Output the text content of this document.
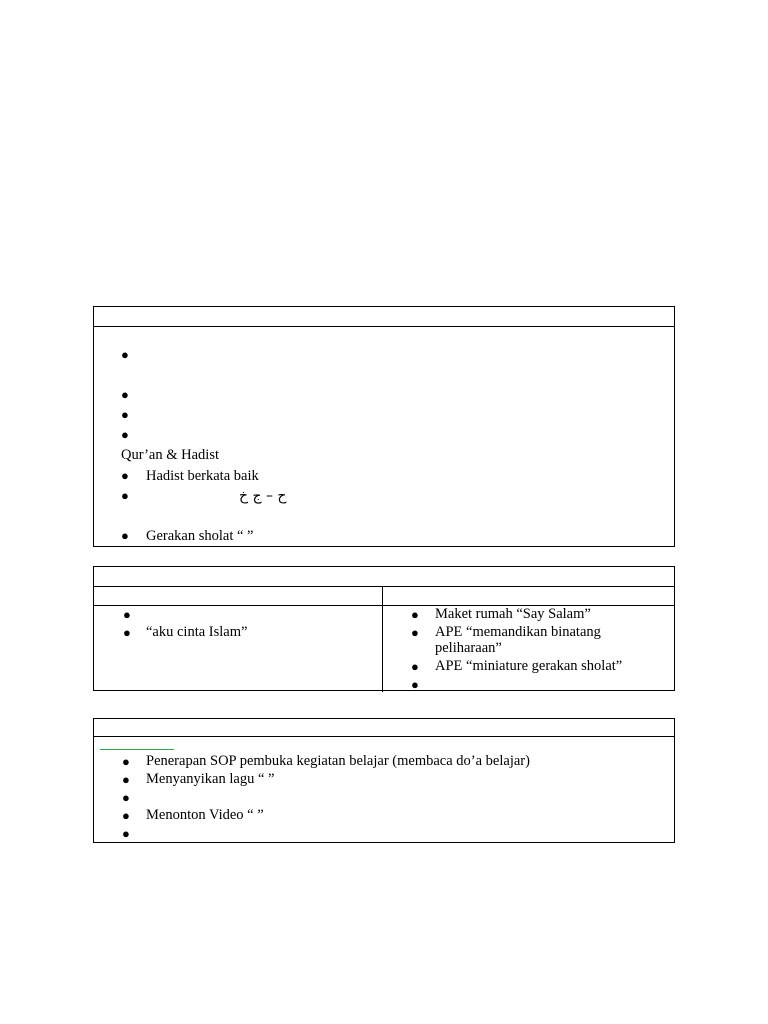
●
●
●
●
Qur’an & Hadist
● Hadist berkata baik
●	ح – ج خ
● Gerakan sholat “ ”
●
● “aku cinta Islam”
● Maket rumah “Say Salam”
● APE “memandikan binatang
peliharaan”
● APE “miniature gerakan sholat”
●
● Penerapan SOP pembuka kegiatan belajar (membaca do’a belajar)
● Menyanyikan lagu “ ”
●
● Menonton Video “ ”
●
